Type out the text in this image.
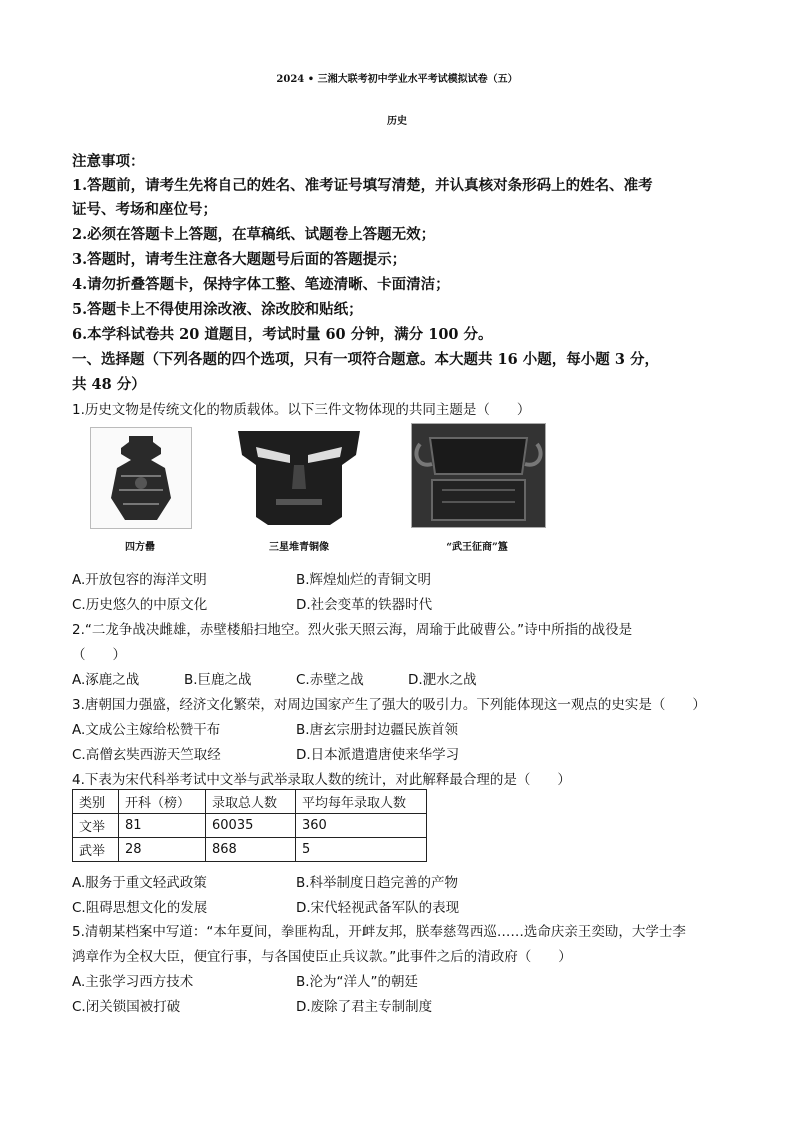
2024 • 三湘大联考初中学业水平考试模拟试卷（五）
历史
注意事项：
1.答题前，请考生先将自己的姓名、准考证号填写清楚，并认真核对条形码上的姓名、准考
证号、考场和座位号；
2.必须在答题卡上答题，在草稿纸、试题卷上答题无效；
3.答题时，请考生注意各大题题号后面的答题提示；
4.请勿折叠答题卡，保持字体工整、笔迹清晰、卡面清洁；
5.答题卡上不得使用涂改液、涂改胶和贴纸；
6.本学科试卷共 20 道题目，考试时量 60 分钟，满分 100 分。
一、选择题（下列各题的四个选项，只有一项符合题意。本大题共 16 小题，每小题 3 分，
共 48 分）
1.历史文物是传统文化的物质载体。以下三件文物体现的共同主题是（　　）
四方罍	三星堆青铜像	“武王征商”簋
A.开放包容的海洋文明	B.辉煌灿烂的青铜文明
C.历史悠久的中原文化	D.社会变革的铁器时代
2.“二龙争战决雌雄，赤壁楼船扫地空。烈火张天照云海，周瑜于此破曹公。”诗中所指的战役是
（　　）
A.涿鹿之战	B.巨鹿之战	C.赤壁之战	D.淝水之战
3.唐朝国力强盛，经济文化繁荣，对周边国家产生了强大的吸引力。下列能体现这一观点的史实是（　　）
A.文成公主嫁给松赞干布	B.唐玄宗册封边疆民族首领
C.高僧玄奘西游天竺取经	D.日本派遣遣唐使来华学习
4.下表为宋代科举考试中文举与武举录取人数的统计，对此解释最合理的是（　　）
类别	开科（榜）	录取总人数	平均每年录取人数
文举	81	60035	360
武举	28	868	5
A.服务于重文轻武政策	B.科举制度日趋完善的产物
C.阻碍思想文化的发展	D.宋代轻视武备军队的表现
5.清朝某档案中写道：“本年夏间，拳匪构乱，开衅友邦，朕奉慈驾西巡……选命庆亲王奕劻，大学士李
鸿章作为全权大臣，便宜行事，与各国使臣止兵议款。”此事件之后的清政府（　　）
A.主张学习西方技术	B.沦为“洋人”的朝廷
C.闭关锁国被打破	D.废除了君主专制制度
